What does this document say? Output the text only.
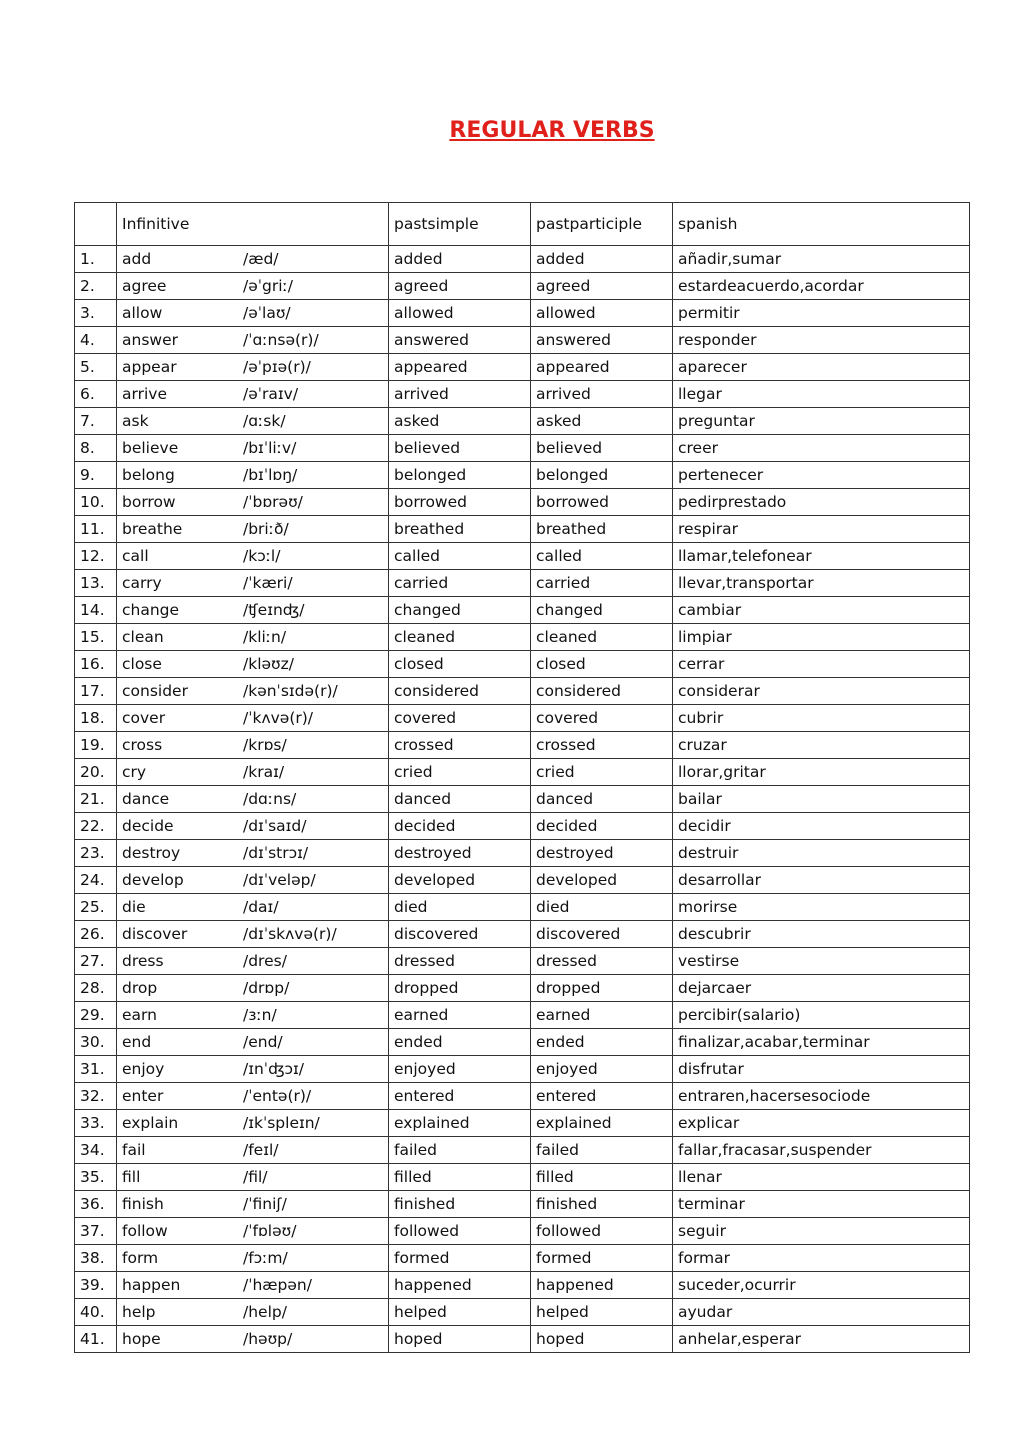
REGULAR VERBS
	Infinitive	pastsimple	pastparticiple	spanish
1.	add /æd/	added	added	añadir,sumar
2.	agree /əˈgriː/	agreed	agreed	estardeacuerdo,acordar
3.	allow /əˈlaʊ/	allowed	allowed	permitir
4.	answer /ˈɑːnsə(r)/	answered	answered	responder
5.	appear /əˈpɪə(r)/	appeared	appeared	aparecer
6.	arrive /əˈraɪv/	arrived	arrived	llegar
7.	ask /ɑːsk/	asked	asked	preguntar
8.	believe /bɪˈliːv/	believed	believed	creer
9.	belong /bɪˈlɒŋ/	belonged	belonged	pertenecer
10.	borrow /ˈbɒrəʊ/	borrowed	borrowed	pedirprestado
11.	breathe /briːð/	breathed	breathed	respirar
12.	call /kɔːl/	called	called	llamar,telefonear
13.	carry /ˈkæri/	carried	carried	llevar,transportar
14.	change /ʧeɪnʤ/	changed	changed	cambiar
15.	clean /kliːn/	cleaned	cleaned	limpiar
16.	close /kləʊz/	closed	closed	cerrar
17.	consider /kənˈsɪdə(r)/	considered	considered	considerar
18.	cover /ˈkʌvə(r)/	covered	covered	cubrir
19.	cross /krɒs/	crossed	crossed	cruzar
20.	cry /kraɪ/	cried	cried	llorar,gritar
21.	dance /dɑːns/	danced	danced	bailar
22.	decide /dɪˈsaɪd/	decided	decided	decidir
23.	destroy /dɪˈstrɔɪ/	destroyed	destroyed	destruir
24.	develop /dɪˈveləp/	developed	developed	desarrollar
25.	die /daɪ/	died	died	morirse
26.	discover /dɪˈskʌvə(r)/	discovered	discovered	descubrir
27.	dress /dres/	dressed	dressed	vestirse
28.	drop /drɒp/	dropped	dropped	dejarcaer
29.	earn /ɜːn/	earned	earned	percibir(salario)
30.	end /end/	ended	ended	finalizar,acabar,terminar
31.	enjoy /ɪnˈʤɔɪ/	enjoyed	enjoyed	disfrutar
32.	enter /ˈentə(r)/	entered	entered	entraren,hacersesociode
33.	explain /ɪkˈspleɪn/	explained	explained	explicar
34.	fail /feɪl/	failed	failed	fallar,fracasar,suspender
35.	fill /fil/	filled	filled	llenar
36.	finish /ˈfiniʃ/	finished	finished	terminar
37.	follow /ˈfɒləʊ/	followed	followed	seguir
38.	form /fɔːm/	formed	formed	formar
39.	happen /ˈhæpən/	happened	happened	suceder,ocurrir
40.	help /help/	helped	helped	ayudar
41.	hope /həʊp/	hoped	hoped	anhelar,esperar
